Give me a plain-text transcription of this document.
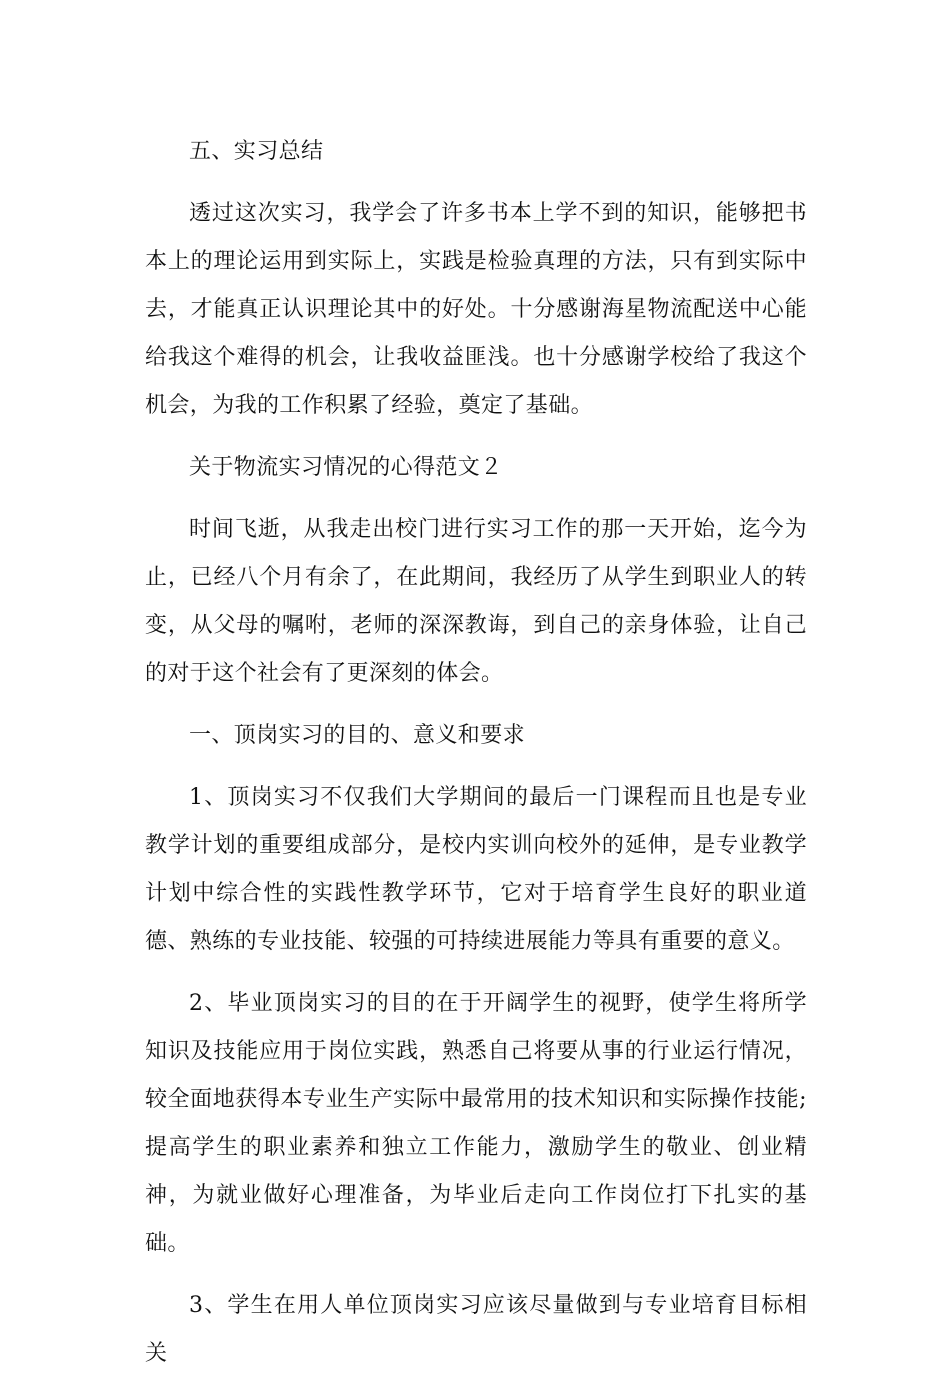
五、实习总结

透过这次实习，我学会了许多书本上学不到的知识，能够把书本上的理论运用到实际上，实践是检验真理的方法，只有到实际中去，才能真正认识理论其中的好处。十分感谢海星物流配送中心能给我这个难得的机会，让我收益匪浅。也十分感谢学校给了我这个机会，为我的工作积累了经验，奠定了基础。

关于物流实习情况的心得范文２

时间飞逝，从我走出校门进行实习工作的那一天开始，迄今为止，已经八个月有余了，在此期间，我经历了从学生到职业人的转变，从父母的嘱咐，老师的深深教诲，到自己的亲身体验，让自己的对于这个社会有了更深刻的体会。

一、顶岗实习的目的、意义和要求

1、顶岗实习不仅我们大学期间的最后一门课程而且也是专业教学计划的重要组成部分，是校内实训向校外的延伸，是专业教学计划中综合性的实践性教学环节，它对于培育学生良好的职业道德、熟练的专业技能、较强的可持续进展能力等具有重要的意义。

2、毕业顶岗实习的目的在于开阔学生的视野，使学生将所学知识及技能应用于岗位实践，熟悉自己将要从事的行业运行情况，较全面地获得本专业生产实际中最常用的技术知识和实际操作技能;提高学生的职业素养和独立工作能力，激励学生的敬业、创业精神，为就业做好心理准备，为毕业后走向工作岗位打下扎实的基础。

3、学生在用人单位顶岗实习应该尽量做到与专业培育目标相关
